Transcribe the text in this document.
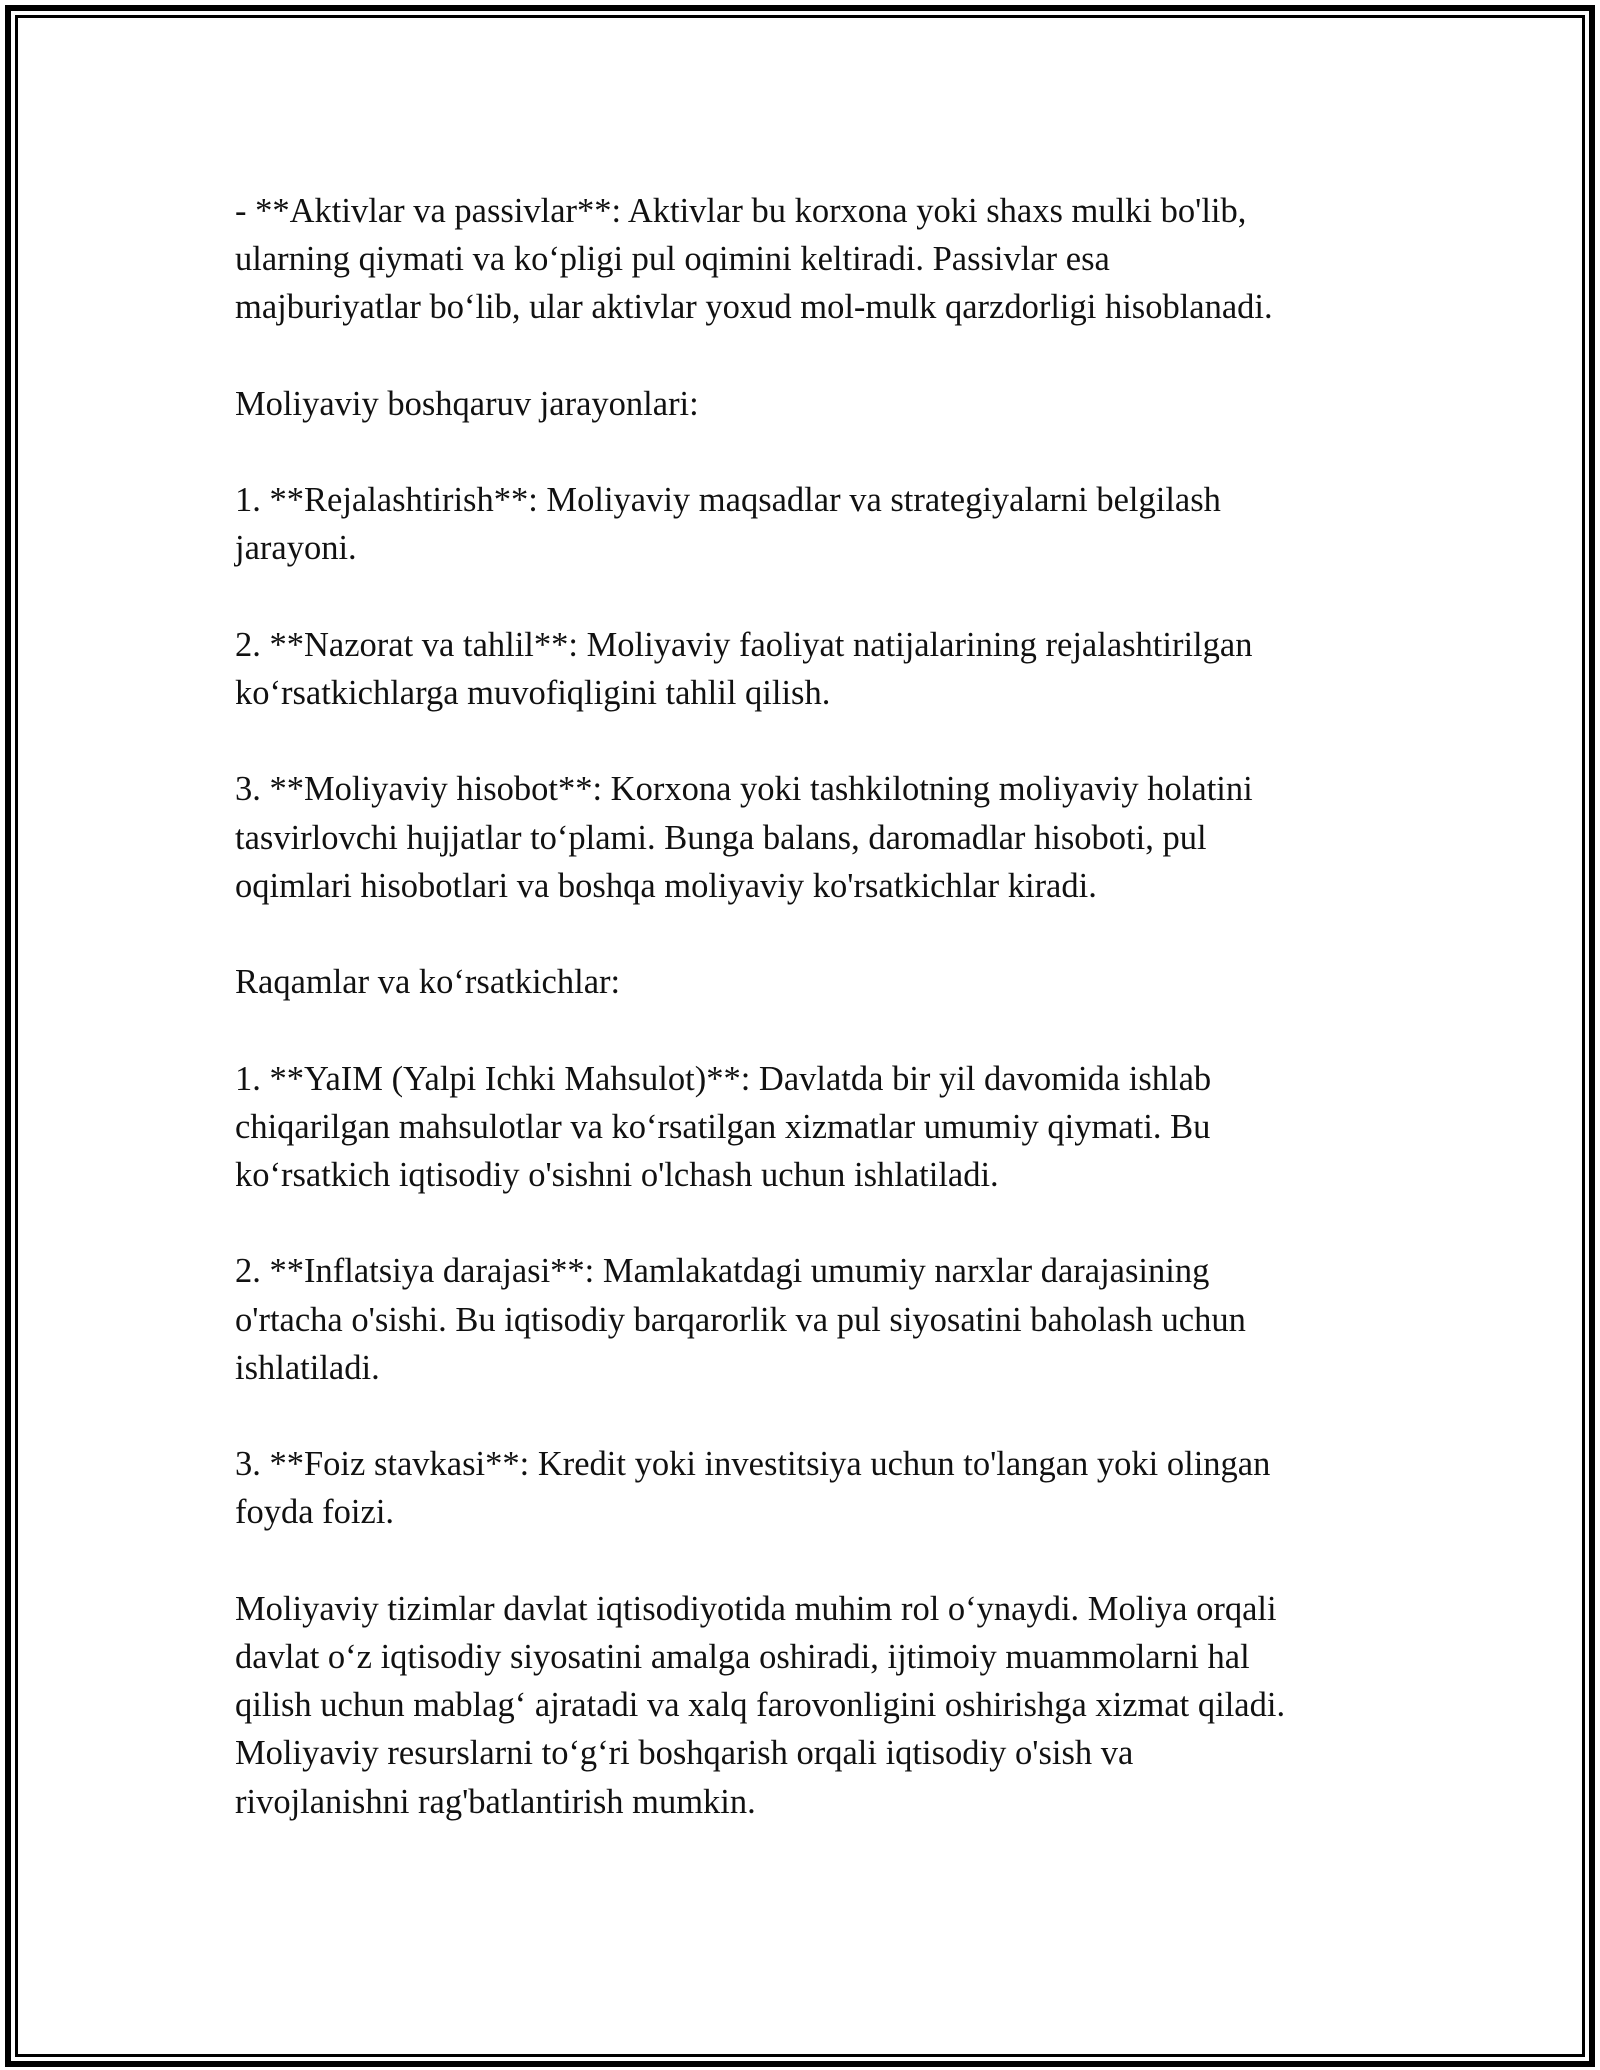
- **Aktivlar va passivlar**: Aktivlar bu korxona yoki shaxs mulki bo'lib,
ularning qiymati va ko‘pligi pul oqimini keltiradi. Passivlar esa
majburiyatlar bo‘lib, ular aktivlar yoxud mol-mulk qarzdorligi hisoblanadi.

Moliyaviy boshqaruv jarayonlari:

1. **Rejalashtirish**: Moliyaviy maqsadlar va strategiyalarni belgilash
jarayoni.

2. **Nazorat va tahlil**: Moliyaviy faoliyat natijalarining rejalashtirilgan
ko‘rsatkichlarga muvofiqligini tahlil qilish.

3. **Moliyaviy hisobot**: Korxona yoki tashkilotning moliyaviy holatini
tasvirlovchi hujjatlar to‘plami. Bunga balans, daromadlar hisoboti, pul
oqimlari hisobotlari va boshqa moliyaviy ko'rsatkichlar kiradi.

Raqamlar va ko‘rsatkichlar:

1. **YaIM (Yalpi Ichki Mahsulot)**: Davlatda bir yil davomida ishlab
chiqarilgan mahsulotlar va ko‘rsatilgan xizmatlar umumiy qiymati. Bu
ko‘rsatkich iqtisodiy o'sishni o'lchash uchun ishlatiladi.

2. **Inflatsiya darajasi**: Mamlakatdagi umumiy narxlar darajasining
o'rtacha o'sishi. Bu iqtisodiy barqarorlik va pul siyosatini baholash uchun
ishlatiladi.

3. **Foiz stavkasi**: Kredit yoki investitsiya uchun to'langan yoki olingan
foyda foizi.

Moliyaviy tizimlar davlat iqtisodiyotida muhim rol o‘ynaydi. Moliya orqali
davlat o‘z iqtisodiy siyosatini amalga oshiradi, ijtimoiy muammolarni hal
qilish uchun mablag‘ ajratadi va xalq farovonligini oshirishga xizmat qiladi.
Moliyaviy resurslarni to‘g‘ri boshqarish orqali iqtisodiy o'sish va
rivojlanishni rag'batlantirish mumkin.
